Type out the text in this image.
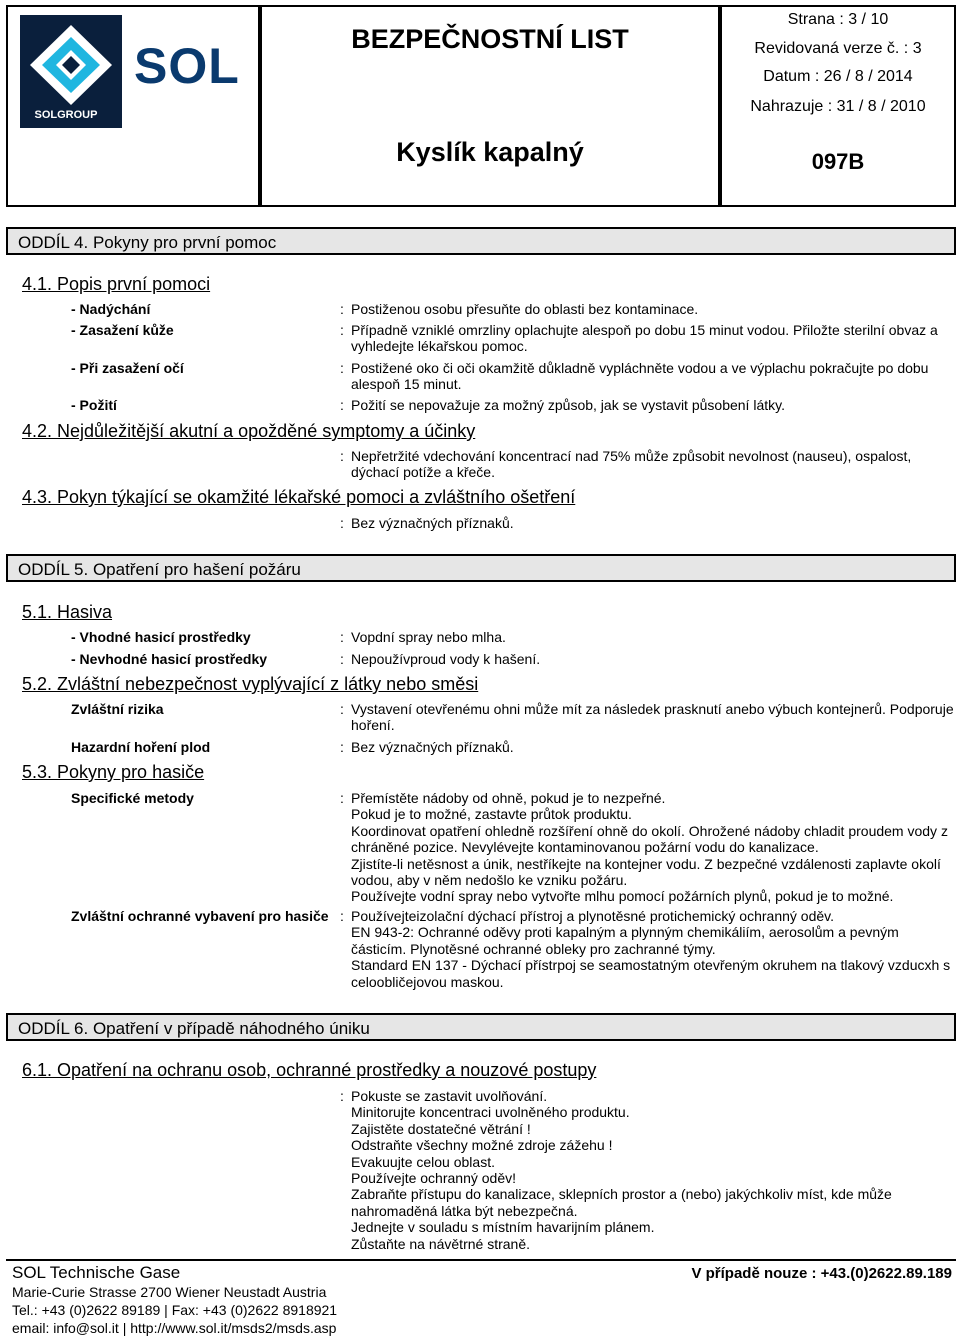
SOL
SOLGROUP
BEZPEČNOSTNÍ LIST
Kyslík kapalný
Strana : 3 / 10
Revidovaná verze č. : 3
Datum : 26 / 8 / 2014
Nahrazuje : 31 / 8 / 2010
097B
ODDÍL 4. Pokyny pro první pomoc
4.1. Popis první pomoci
- Nadýchání	: Postiženou osobu přesuňte do oblasti bez kontaminace.
- Zasažení kůže	: Případně vzniklé omrzliny oplachujte alespoň po dobu 15 minut vodou. Přiložte sterilní obvaz a vyhledejte lékařskou pomoc.
- Při zasažení očí	: Postižené oko či oči okamžitě důkladně vypláchněte vodou a ve výplachu pokračujte po dobu alespoň 15 minut.
- Požití	: Požití se nepovažuje za možný způsob, jak se vystavit působení látky.
4.2. Nejdůležitější akutní a opožděné symptomy a účinky
: Nepřetržité vdechování koncentrací nad 75% může způsobit nevolnost (nauseu), ospalost, dýchací potíže a křeče.
4.3. Pokyn týkající se okamžité lékařské pomoci a zvláštního ošetření
: Bez význačných příznaků.
ODDÍL 5. Opatření pro hašení požáru
5.1. Hasiva
- Vhodné hasicí prostředky	: Vopdní spray nebo mlha.
- Nevhodné hasicí prostředky	: Nepoužívproud vody k hašení.
5.2. Zvláštní nebezpečnost vyplývající z látky nebo směsi
Zvláštní rizika	: Vystavení otevřenému ohni může mít za následek prasknutí anebo výbuch kontejnerů. Podporuje hoření.
Hazardní hoření plod	: Bez význačných příznaků.
5.3. Pokyny pro hasiče
Specifické metody	: Přemístěte nádoby od ohně, pokud je to nezpeřné.
Pokud je to možné, zastavte průtok produktu.
Koordinovat opatření ohledně rozšíření ohně do okolí. Ohrožené nádoby chladit proudem vody z chráněné pozice. Nevylévejte kontaminovanou požární vodu do kanalizace.
Zjistíte-li netěsnost a únik, nestříkejte na kontejner vodu. Z bezpečné vzdálenosti zaplavte okolí vodou, aby v něm nedošlo ke vzniku požáru.
Používejte vodní spray nebo vytvořte mlhu pomocí požárních plynů, pokud je to možné.
Zvláštní ochranné vybavení pro hasiče : Používejteizolační dýchací přístroj a plynotěsné protichemický ochranný oděv.
EN 943-2: Ochranné oděvy proti kapalným a plynným chemikáliím, aerosolům a pevným částicím. Plynotěsné ochranné obleky pro zachranné týmy.
Standard EN 137 - Dýchací přístrpoj se seamostatným otevřeným okruhem na tlakový vzducxh s celoobličejovou maskou.
ODDÍL 6. Opatření v případě náhodného úniku
6.1. Opatření na ochranu osob, ochranné prostředky a nouzové postupy
: Pokuste se zastavit uvolňování.
Minitorujte koncentraci uvolněného produktu.
Zajistěte dostatečné větrání !
Odstraňte všechny možné zdroje zážehu !
Evakuujte celou oblast.
Používejte ochranný oděv!
Zabraňte přístupu do kanalizace, sklepních prostor a (nebo) jakýchkoliv míst, kde může nahromaděná látka být nebezpečná.
Jednejte v souladu s místním havarijním plánem.
Zůstaňte na návětrné straně.
SOL Technische Gase
Marie-Curie Strasse 2700 Wiener Neustadt Austria
Tel.: +43 (0)2622 89189 | Fax: +43 (0)2622 8918921
email: info@sol.it | http://www.sol.it/msds2/msds.asp
V případě nouze : +43.(0)2622.89.189
